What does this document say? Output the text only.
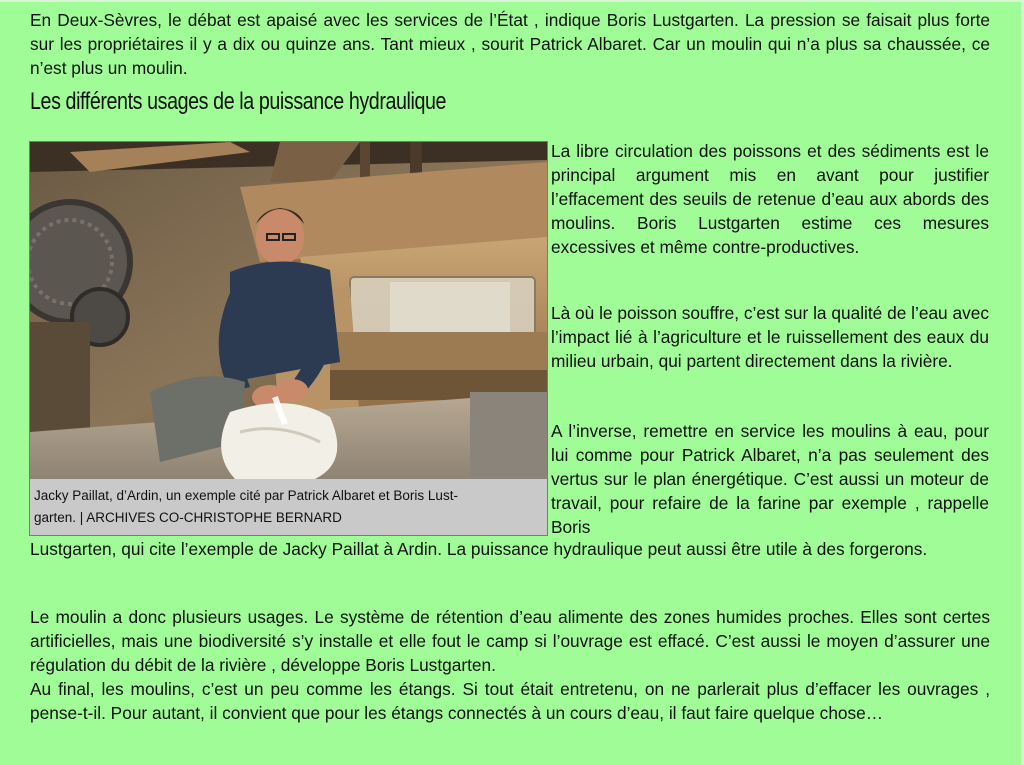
En Deux-Sèvres, le débat est apaisé avec les services de l’État , indique Boris Lustgarten. La pression se faisait plus forte sur les propriétaires il y a dix ou quinze ans. Tant mieux , sourit Patrick Albaret. Car un moulin qui n’a plus sa chaussée, ce n’est plus un moulin.

Les différents usages de la puissance hydraulique
Jacky Paillat, d’Ardin, un exemple cité par Patrick Albaret et Boris Lust-
garten. | ARCHIVES CO-CHRISTOPHE BERNARD

La libre circulation des poissons et des sédiments est le principal argument mis en avant pour justifier l’effacement des seuils de retenue d’eau aux abords des moulins. Boris Lustgarten estime ces mesures excessives et même contre-productives.

Là où le poisson souffre, c’est sur la qualité de l’eau avec l’impact lié à l’agriculture et le ruissellement des eaux du milieu urbain, qui partent directement dans la rivière.

A l’inverse, remettre en service les moulins à eau, pour lui comme pour Patrick Albaret, n’a pas seulement des vertus sur le plan énergétique. C’est aussi un moteur de travail, pour refaire de la farine par exemple , rappelle Boris

Lustgarten, qui cite l’exemple de Jacky Paillat à Ardin. La puissance hydraulique peut aussi être utile à des forgerons.

Le moulin a donc plusieurs usages. Le système de rétention d’eau alimente des zones humides proches. Elles sont certes artificielles, mais une biodiversité s’y installe et elle fout le camp si l’ouvrage est effacé. C’est aussi le moyen d’assurer une régulation du débit de la rivière , développe Boris Lustgarten.

Au final, les moulins, c’est un peu comme les étangs. Si tout était entretenu, on ne parlerait plus d’effacer les ouvrages , pense-t-il. Pour autant, il convient que pour les étangs connectés à un cours d’eau, il faut faire quelque chose…
